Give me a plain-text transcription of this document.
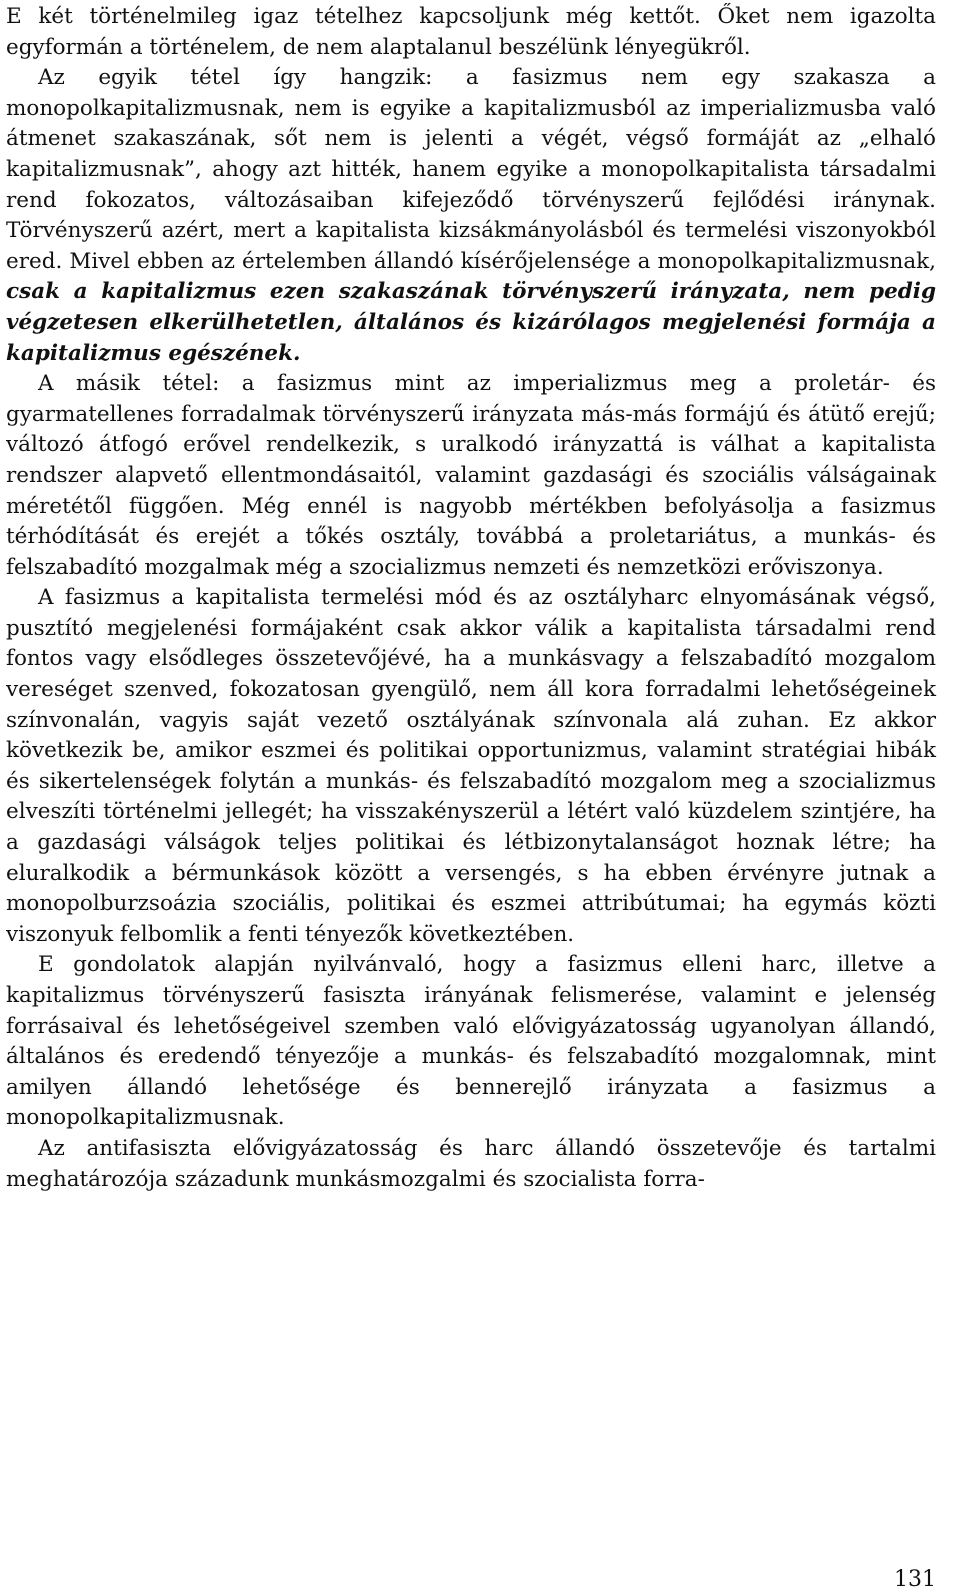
E két történelmileg igaz tételhez kapcsoljunk még kettőt. Őket nem igazolta egyformán a történelem, de nem alaptalanul beszélünk lényegükről.

Az egyik tétel így hangzik: a fasizmus nem egy szakasza a monopolkapitalizmusnak, nem is egyike a kapitalizmusból az imperializmusba való átmenet szakaszának, sőt nem is jelenti a végét, végső formáját az „elhaló kapitalizmusnak”, ahogy azt hitték, hanem egyike a monopolkapitalista társadalmi rend fokozatos, változásaiban kifejeződő törvényszerű fejlődési iránynak. Törvényszerű azért, mert a kapitalista kizsákmányolásból és termelési viszonyokból ered. Mivel ebben az értelemben állandó kísérőjelensége a monopolkapitalizmusnak, csak a kapitalizmus ezen szakaszának törvényszerű irányzata, nem pedig végzetesen elkerülhetetlen, általános és kizárólagos megjelenési formája a kapitalizmus egészének.

A másik tétel: a fasizmus mint az imperializmus meg a proletár- és gyarmatellenes forradalmak törvényszerű irányzata más-más formájú és átütő erejű; változó átfogó erővel rendelkezik, s uralkodó irányzattá is válhat a kapitalista rendszer alapvető ellentmondásaitól, valamint gazdasági és szociális válságainak méretétől függően. Még ennél is nagyobb mértékben befolyásolja a fasizmus térhódítását és erejét a tőkés osztály, továbbá a proletariátus, a munkás- és felszabadító mozgalmak még a szocializmus nemzeti és nemzetközi erőviszonya.

A fasizmus a kapitalista termelési mód és az osztályharc elnyomásának végső, pusztító megjelenési formájaként csak akkor válik a kapitalista társadalmi rend fontos vagy elsődleges összetevőjévé, ha a munkásvagy a felszabadító mozgalom vereséget szenved, fokozatosan gyengülő, nem áll kora forradalmi lehetőségeinek színvonalán, vagyis saját vezető osztályának színvonala alá zuhan. Ez akkor következik be, amikor eszmei és politikai opportunizmus, valamint stratégiai hibák és sikertelenségek folytán a munkás- és felszabadító mozgalom meg a szocializmus elveszíti történelmi jellegét; ha visszakényszerül a létért való küzdelem szintjére, ha a gazdasági válságok teljes politikai és létbizonytalanságot hoznak létre; ha eluralkodik a bérmunkások között a versengés, s ha ebben érvényre jutnak a monopolburzsoázia szociális, politikai és eszmei attribútumai; ha egymás közti viszonyuk felbomlik a fenti tényezők következtében.

E gondolatok alapján nyilvánvaló, hogy a fasizmus elleni harc, illetve a kapitalizmus törvényszerű fasiszta irányának felismerése, valamint e jelenség forrásaival és lehetőségeivel szemben való elővigyázatosság ugyanolyan állandó, általános és eredendő tényezője a munkás- és felszabadító mozgalomnak, mint amilyen állandó lehetősége és bennerejlő irányzata a fasizmus a monopolkapitalizmusnak.

Az antifasiszta elővigyázatosság és harc állandó összetevője és tartalmi meghatározója századunk munkásmozgalmi és szocialista forra-

131
